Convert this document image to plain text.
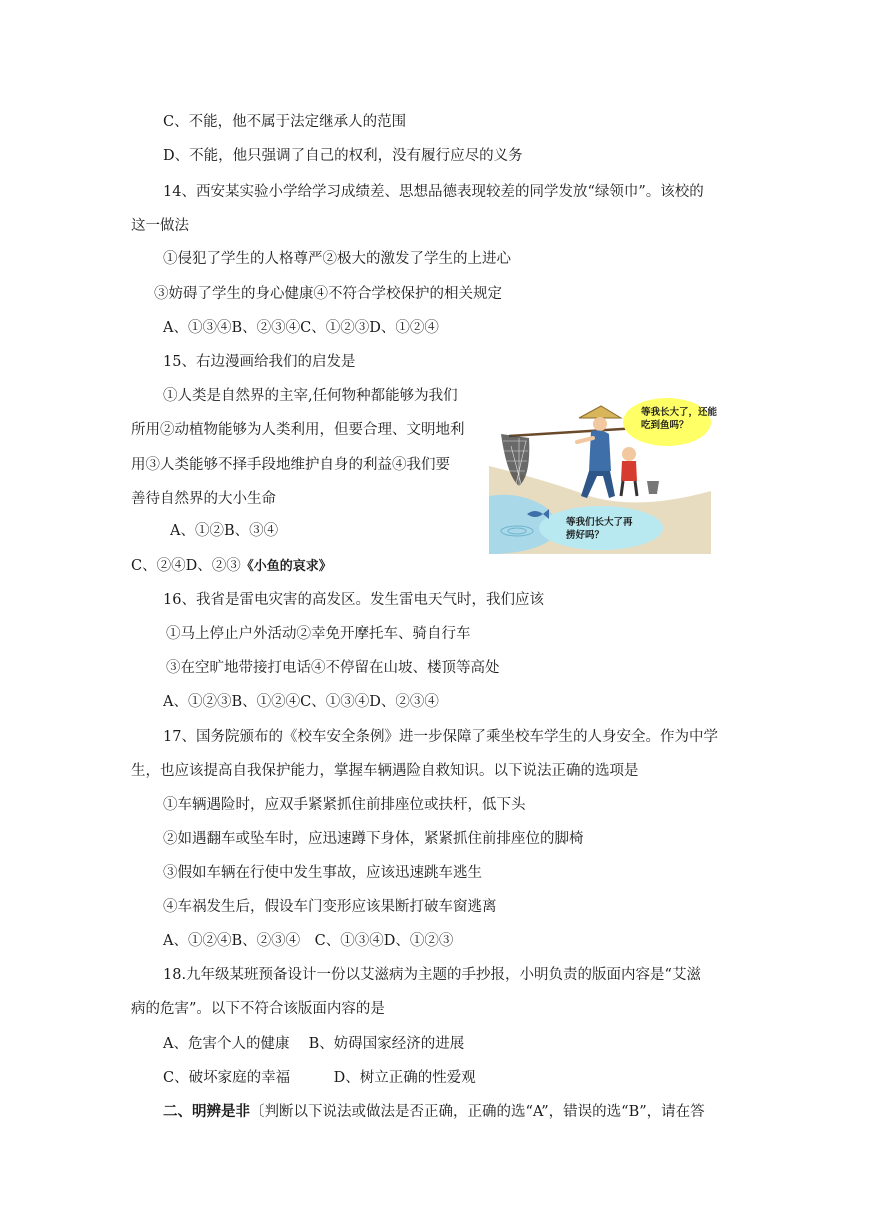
C、不能，他不属于法定继承人的范围
D、不能，他只强调了自己的权利，没有履行应尽的义务
14、西安某实验小学给学习成绩差、思想品德表现较差的同学发放“绿领巾”。该校的
这一做法
①侵犯了学生的人格尊严②极大的激发了学生的上进心
③妨碍了学生的身心健康④不符合学校保护的相关规定
A、①③④B、②③④C、①②③D、①②④
15、右边漫画给我们的启发是
①人类是自然界的主宰,任何物种都能够为我们
所用②动植物能够为人类利用，但要合理、文明地利
用③人类能够不择手段地维护自身的利益④我们要
善待自然界的大小生命
A、①②B、③④
C、②④D、②③《小鱼的哀求》
等我长大了，还能吃到鱼吗？
等我们长大了再捞好吗？
16、我省是雷电灾害的高发区。发生雷电天气时，我们应该
①马上停止户外活动②幸免开摩托车、骑自行车
③在空旷地带接打电话④不停留在山坡、楼顶等高处
A、①②③B、①②④C、①③④D、②③④
17、国务院颁布的《校车安全条例》进一步保障了乘坐校车学生的人身安全。作为中学
生，也应该提高自我保护能力，掌握车辆遇险自救知识。以下说法正确的选项是
①车辆遇险时，应双手紧紧抓住前排座位或扶杆，低下头
②如遇翻车或坠车时，应迅速蹲下身体，紧紧抓住前排座位的脚椅
③假如车辆在行使中发生事故，应该迅速跳车逃生
④车祸发生后，假设车门变形应该果断打破车窗逃离
A、①②④B、②③④　C、①③④D、①②③
18.九年级某班预备设计一份以艾滋病为主题的手抄报，小明负责的版面内容是“艾滋
病的危害”。以下不符合该版面内容的是
A、危害个人的健康　 B、妨碍国家经济的进展
C、破坏家庭的幸福　　　D、树立正确的性爱观
二、明辨是非〔判断以下说法或做法是否正确，正确的选“A”，错误的选“B”，请在答
